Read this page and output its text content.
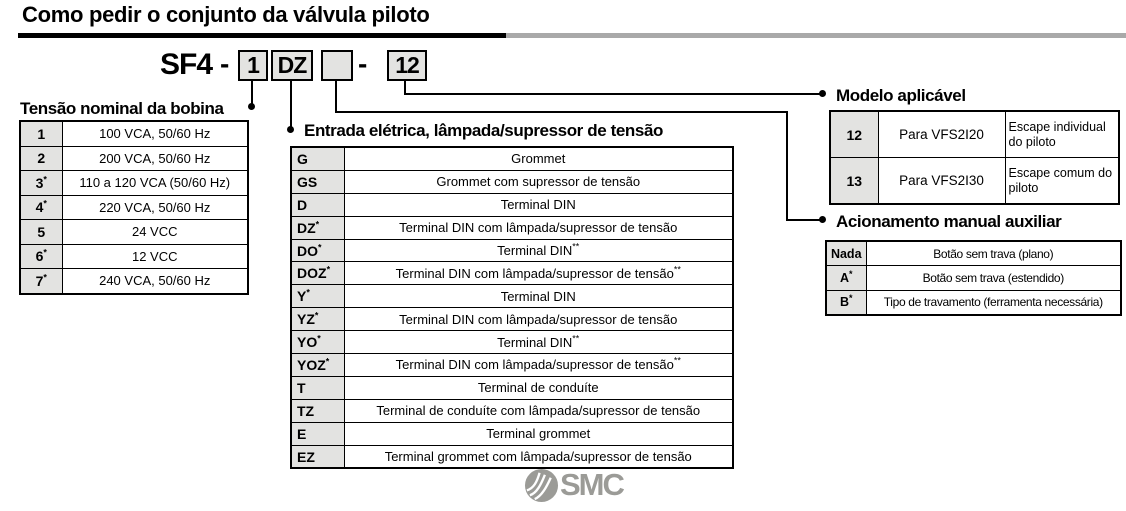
Como pedir o conjunto da válvula piloto
SF4 - 1 DZ -	12
Tensão nominal da bobina
Entrada elétrica, lâmpada/supressor de tensão
Modelo aplicável
Acionamento manual auxiliar
1	100 VCA, 50/60 Hz
2	200 VCA, 50/60 Hz
3*	110 a 120 VCA (50/60 Hz)
4*	220 VCA, 50/60 Hz
5	24 VCC
6*	12 VCC
7*	240 VCA, 50/60 Hz
G	Grommet
GS	Grommet com supressor de tensão
D	Terminal DIN
DZ*	Terminal DIN com lâmpada/supressor de tensão
DO*	Terminal DIN**
DOZ*	Terminal DIN com lâmpada/supressor de tensão**
Y*	Terminal DIN
YZ*	Terminal DIN com lâmpada/supressor de tensão
YO*	Terminal DIN**
YOZ*	Terminal DIN com lâmpada/supressor de tensão**
T	Terminal de conduíte
TZ	Terminal de conduíte com lâmpada/supressor de tensão
E	Terminal grommet
EZ	Terminal grommet com lâmpada/supressor de tensão
12	Para VFS2I20	Escape individual do piloto
13	Para VFS2I30	Escape comum do piloto
Nada	Botão sem trava (plano)
A*	Botão sem trava (estendido)
B*	Tipo de travamento (ferramenta necessária)
SMC
